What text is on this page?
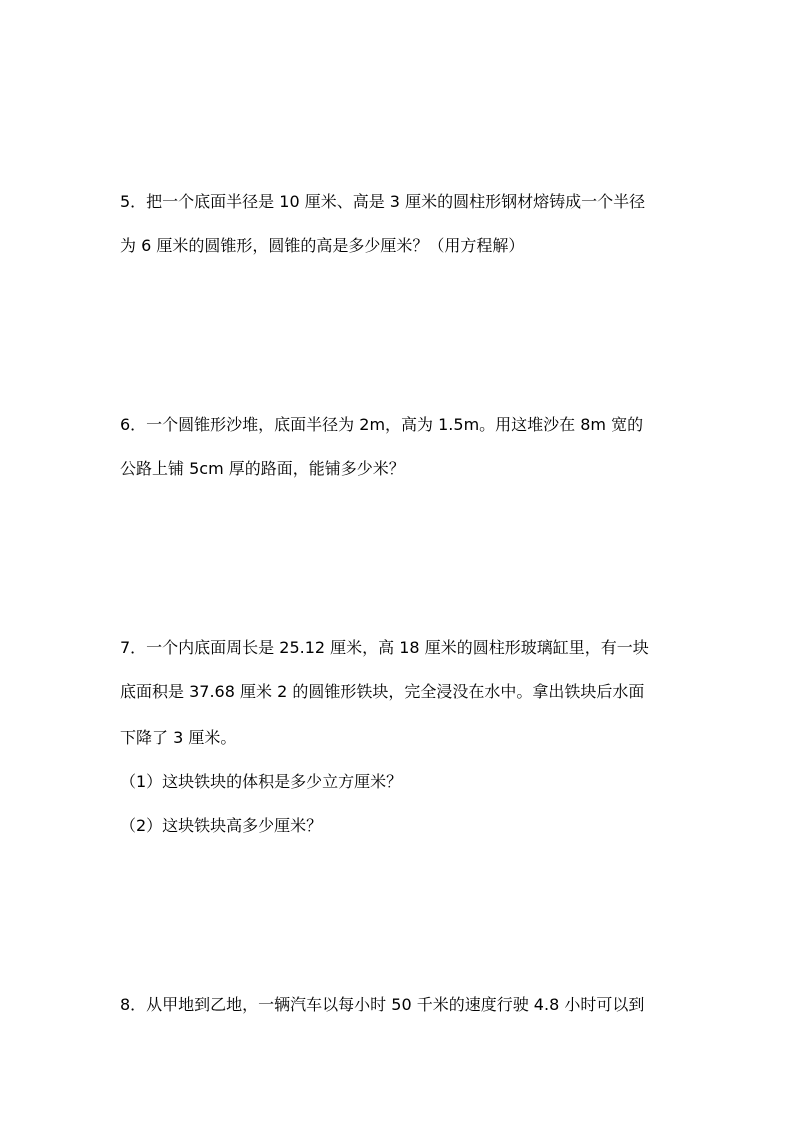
5．把一个底面半径是 10 厘米、高是 3 厘米的圆柱形钢材熔铸成一个半径
为 6 厘米的圆锥形，圆锥的高是多少厘米？（用方程解）
6．一个圆锥形沙堆，底面半径为 2m，高为 1.5m。用这堆沙在 8m 宽的
公路上铺 5cm 厚的路面，能铺多少米？
7．一个内底面周长是 25.12 厘米，高 18 厘米的圆柱形玻璃缸里，有一块
底面积是 37.68 厘米 2 的圆锥形铁块，完全浸没在水中。拿出铁块后水面
下降了 3 厘米。
（1）这块铁块的体积是多少立方厘米？
（2）这块铁块高多少厘米？
8．从甲地到乙地，一辆汽车以每小时 50 千米的速度行驶 4.8 小时可以到
